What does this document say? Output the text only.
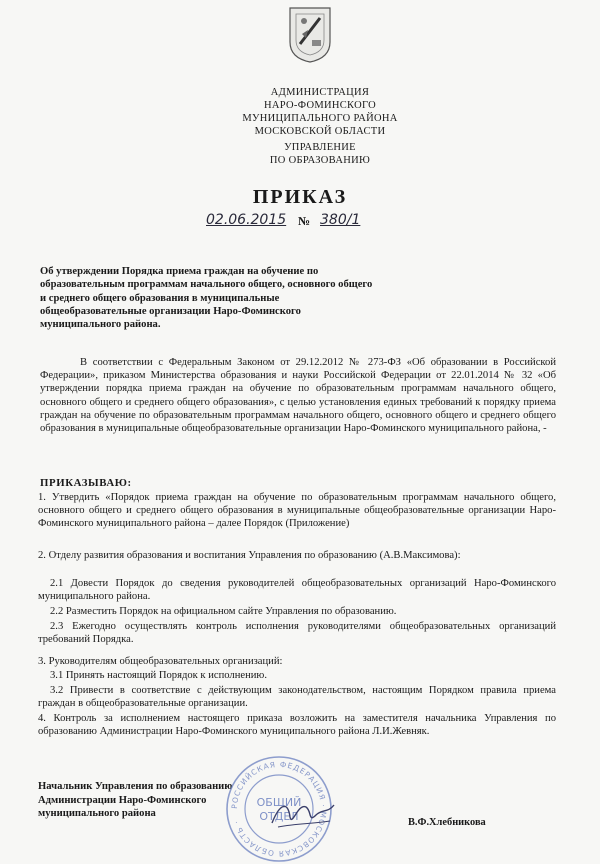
АДМИНИСТРАЦИЯ
НАРО-ФОМИНСКОГО
МУНИЦИПАЛЬНОГО РАЙОНА
МОСКОВСКОЙ ОБЛАСТИ
УПРАВЛЕНИЕ
ПО ОБРАЗОВАНИЮ
ПРИКАЗ
02.06.2015 № 380/1
Об утверждении Порядка приема граждан на обучение по образовательным программам начального общего, основного общего и среднего общего образования в муниципальные общеобразовательные организации Наро-Фоминского муниципального района.
В соответствии с Федеральным Законом от 29.12.2012 № 273-ФЗ «Об образовании в Российской Федерации», приказом Министерства образования и науки Российской Федерации от 22.01.2014 № 32 «Об утверждении порядка приема граждан на обучение по образовательным программам начального общего, основного общего и среднего общего образования», с целью установления единых требований к порядку приема граждан на обучение по образовательным программам начального общего, основного общего и среднего общего образования в муниципальные общеобразовательные организации Наро-Фоминского муниципального района, -
ПРИКАЗЫВАЮ:
1. Утвердить «Порядок приема граждан на обучение по образовательным программам начального общего, основного общего и среднего общего образования в муниципальные общеобразовательные организации Наро-Фоминского муниципального района – далее Порядок (Приложение)
2. Отделу развития образования и воспитания Управления по образованию (А.В.Максимова):
2.1 Довести Порядок до сведения руководителей общеобразовательных организаций Наро-Фоминского муниципального района.
2.2 Разместить Порядок на официальном сайте Управления по образованию.
2.3 Ежегодно осуществлять контроль исполнения руководителями общеобразовательных организаций требований Порядка.
3. Руководителям общеобразовательных организаций:
3.1 Принять настоящий Порядок к исполнению.
3.2 Привести в соответствие с действующим законодательством, настоящим Порядком правила приема граждан в общеобразовательные организации.
4. Контроль за исполнением настоящего приказа возложить на заместителя начальника Управления по образованию Администрации Наро-Фоминского муниципального района Л.И.Жевняк.
Начальник Управления по образованию
Администрации Наро-Фоминского
муниципального района
РОССИЙСКАЯ ФЕДЕРАЦИЯ · МОСКОВСКАЯ ОБЛАСТЬ ·
ОБЩИЙ
ОТДЕЛ	В.Ф.Хлебникова
